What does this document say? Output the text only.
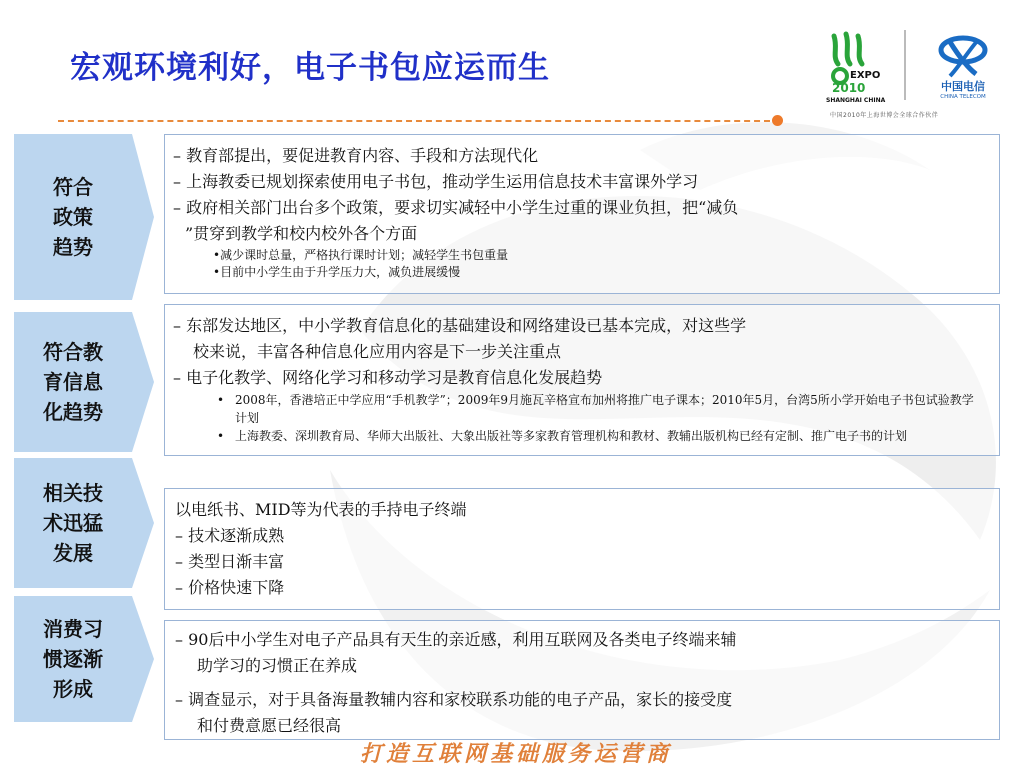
宏观环境利好，电子书包应运而生	EXPO
2010
SHANGHAI CHINA
中国电信
CHINA TELECOM
中国2010年上海世博会全球合作伙伴
符合
政策
趋势
– 教育部提出，要促进教育内容、手段和方法现代化
– 上海教委已规划探索使用电子书包，推动学生运用信息技术丰富课外学习
– 政府相关部门出台多个政策，要求切实减轻中小学生过重的课业负担，把“减负
”贯穿到教学和校内校外各个方面
•减少课时总量，严格执行课时计划；减轻学生书包重量
•目前中小学生由于升学压力大，减负进展缓慢
符合教
育信息
化趋势
– 东部发达地区，中小学教育信息化的基础建设和网络建设已基本完成，对这些学
校来说，丰富各种信息化应用内容是下一步关注重点
– 电子化教学、网络化学习和移动学习是教育信息化发展趋势
• 2008年，香港培正中学应用“手机教学”；2009年9月施瓦辛格宣布加州将推广电子课本；2010年5月，台湾5所小学开始电子书包试验教学计划
• 上海教委、深圳教育局、华师大出版社、大象出版社等多家教育管理机构和教材、教辅出版机构已经有定制、推广电子书的计划
相关技
术迅猛
发展
以电纸书、MID等为代表的手持电子终端
– 技术逐渐成熟
– 类型日渐丰富
– 价格快速下降
消费习
惯逐渐
形成
– 90后中小学生对电子产品具有天生的亲近感，利用互联网及各类电子终端来辅
助学习的习惯正在养成
– 调查显示，对于具备海量教辅内容和家校联系功能的电子产品，家长的接受度
和付费意愿已经很高
打造互联网基础服务运营商
